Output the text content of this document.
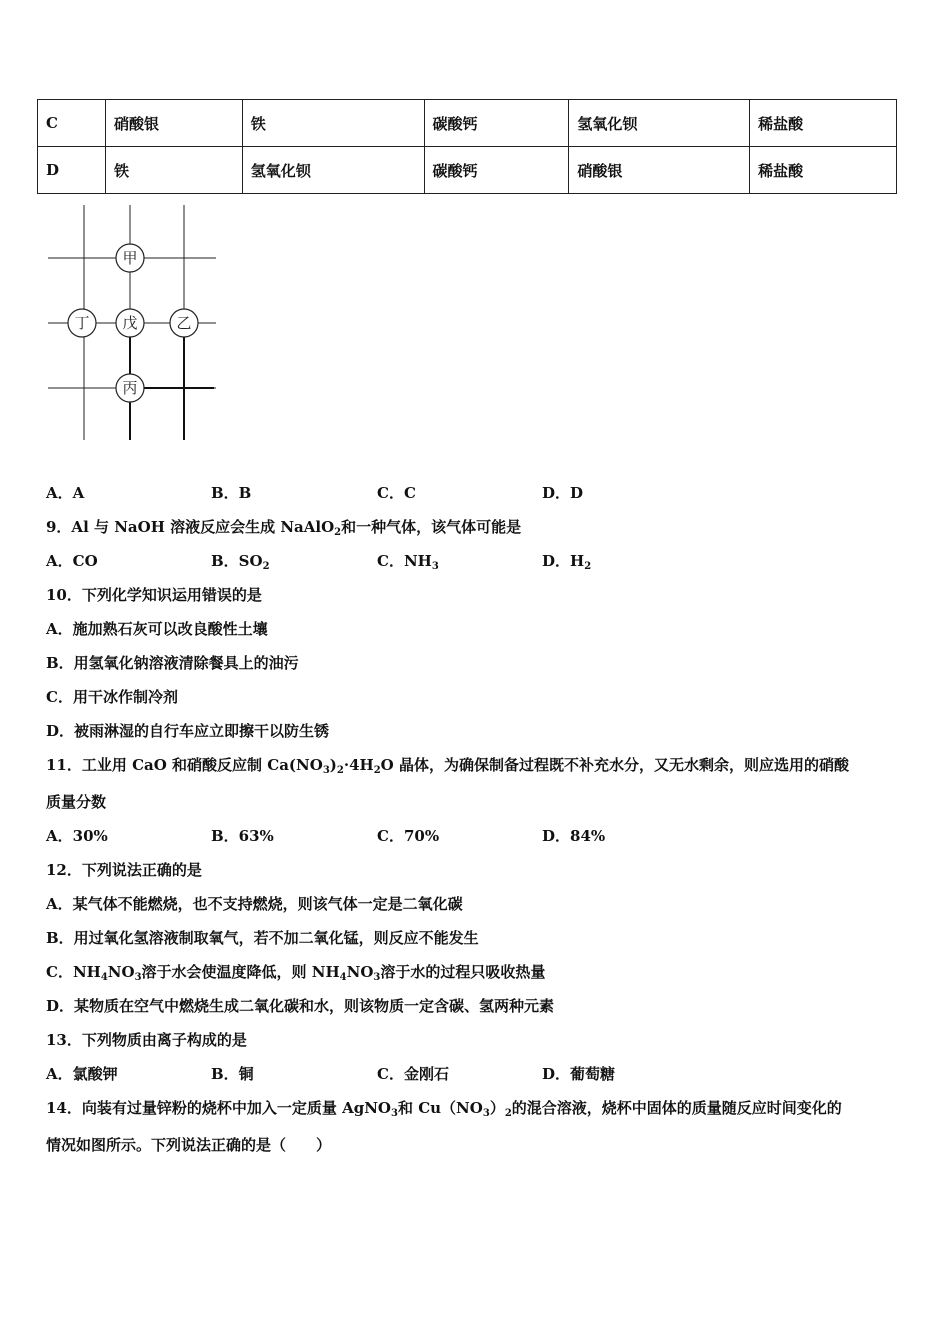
C	硝酸银	铁	碳酸钙	氢氧化钡	稀盐酸
D	铁	氢氧化钡	碳酸钙	硝酸银	稀盐酸
甲
丁 戊	乙
丙
A．A	B．B	C．C	D．D
9．Al 与 NaOH 溶液反应会生成 NaAlO$_2$和一种气体，该气体可能是
A．CO	B．$SO_2$	C．$NH_3$	D．$H_2$
10．下列化学知识运用错误的是
A．施加熟石灰可以改良酸性土壤
B．用氢氧化钠溶液清除餐具上的油污
C．用干冰作制冷剂
D．被雨淋湿的自行车应立即擦干以防生锈
11．工业用 CaO 和硝酸反应制 $Ca(NO_3)_2\cdot 4H_2O$ 晶体，为确保制备过程既不补充水分，又无水剩余，则应选用的硝酸
质量分数
A．30%	B．63%	C．70%	D．84%
12．下列说法正确的是
A．某气体不能燃烧，也不支持燃烧，则该气体一定是二氧化碳
B．用过氧化氢溶液制取氧气，若不加二氧化锰，则反应不能发生
C．$NH_4NO_3$溶于水会使温度降低，则 $NH_4NO_3$溶于水的过程只吸收热量
D．某物质在空气中燃烧生成二氧化碳和水，则该物质一定含碳、氢两种元素
13．下列物质由离子构成的是
A．氯酸钾	B．铜	C．金刚石	D．葡萄糖
14．向装有过量锌粉的烧杯中加入一定质量 AgNO$_3$和 $Cu(NO_3)_2$的混合溶液，烧杯中固体的质量随反应时间变化的
情况如图所示。下列说法正确的是（　　）
